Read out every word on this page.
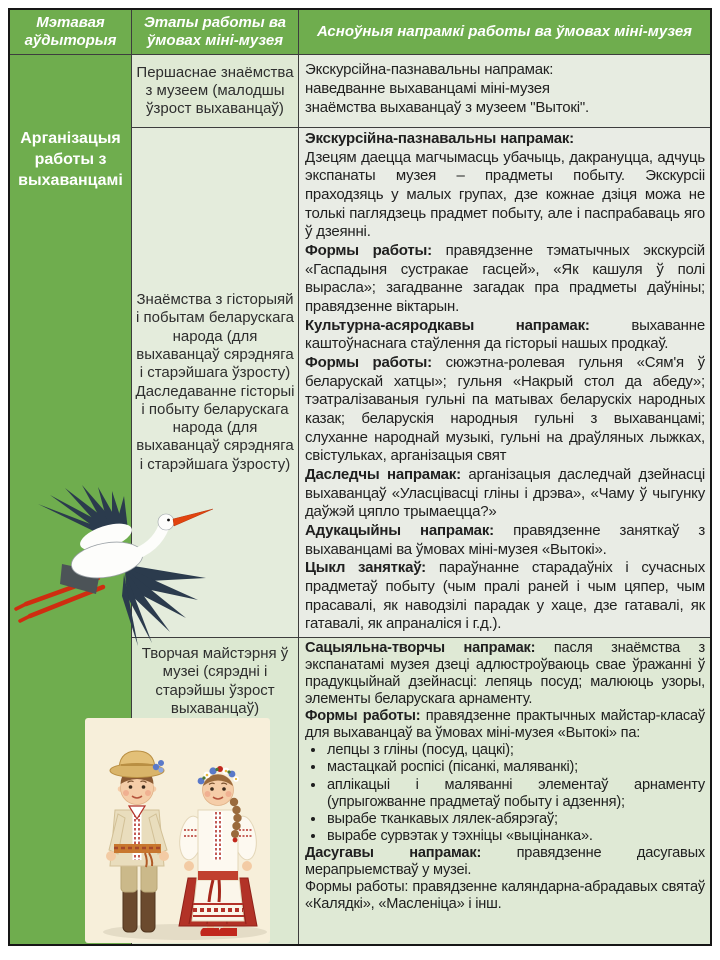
Мэтавая аўдыторыя
Этапы работы ва ўмовах міні-музея
Асноўныя напрамкі работы ва ўмовах міні-музея
Арганізацыя работы з выхаванцамі

Першаснае знаёмства з музеем (малодшы ўзрост выхаванцаў)

Экскурсійна-пазнавальны напрамак:

наведванне выхаванцамі міні-музея

знаёмства выхаванцаў з музеем "Вытокі".

Знаёмства з гісторыяй і побытам беларускага народа (для выхаванцаў сярэдняга і старэйшага ўзросту)

Даследаванне гісторыі і побыту беларускага народа (для выхаванцаў сярэдняга і старэйшага ўзросту)

Экскурсійна-пазнавальны напрамак:

Дзецям даецца магчымасць убачыць, дакрануцца, адчуць экспанаты музея – прадметы побыту. Экскурсіі праходзяць у малых групах, дзе кожнае дзіця можа не толькі паглядзець прадмет побыту, але і паспрабаваць яго ў дзеянні.

Формы работы: правядзенне тэматычных экскурсій «Гаспадыня сустракае гасцей», «Як кашуля ў полі вырасла»; загадванне загадак пра прадметы даўніны; правядзенне віктарын.

Культурна-асяродкавы напрамак: выхаванне каштоўнаснага стаўлення да гісторыі нашых продкаў.

Формы работы: сюжэтна-ролевая гульня «Сям'я ў беларускай хатцы»; гульня «Накрый стол да абеду»; тэатралізаваныя гульні па матывах беларускіх народных казак; беларускія народныя гульні з выхаванцамі; слуханне народнай музыкі, гульні на драўляных лыжках, свістульках, арганізацыя свят

Даследчы напрамак: арганізацыя даследчай дзейнасці выхаванцаў «Уласцівасці гліны і дрэва», «Чаму ў чыгунку даўжэй цяпло трымаецца?»

Адукацыйны напрамак: правядзенне заняткаў з выхаванцамі ва ўмовах міні-музея «Вытокі».

Цыкл заняткаў: параўнанне старадаўніх і сучасных прадметаў побыту (чым пралі раней і чым цяпер, чым прасавалі, як наводзілі парадак у хаце, дзе гатавалі, як гатавалі, як апраналіся і г.д.).

Творчая майстэрня ў музеі (сярэдні і старэйшы ўзрост выхаванцаў)

Сацыяльна-творчы напрамак: пасля знаёмства з экспанатамі музея дзеці адлюстроўваюць свае ўражанні ў прадукцыйнай дзейнасці: лепяць посуд; малююць узоры, элементы беларускага арнаменту.

Формы работы: правядзенне практычных майстар-класаў для выхаванцаў ва ўмовах міні-музея «Вытокі» па:

• лепцы з гліны (посуд, цацкі);
• мастацкай роспісі (пісанкі, маляванкі);
• аплікацыі і маляванні элементаў арнаменту (упрыгожванне прадметаў побыту і адзення);
• вырабе тканкавых лялек-абярэгаў;
• вырабе сурвэтак у тэхніцы «выцінанка».

Дасугавы напрамак: правядзенне дасугавых мерапрыемстваў у музеі.

Формы работы: правядзенне каляндарна-абрадавых святаў «Калядкі», «Масленіца» і інш.
